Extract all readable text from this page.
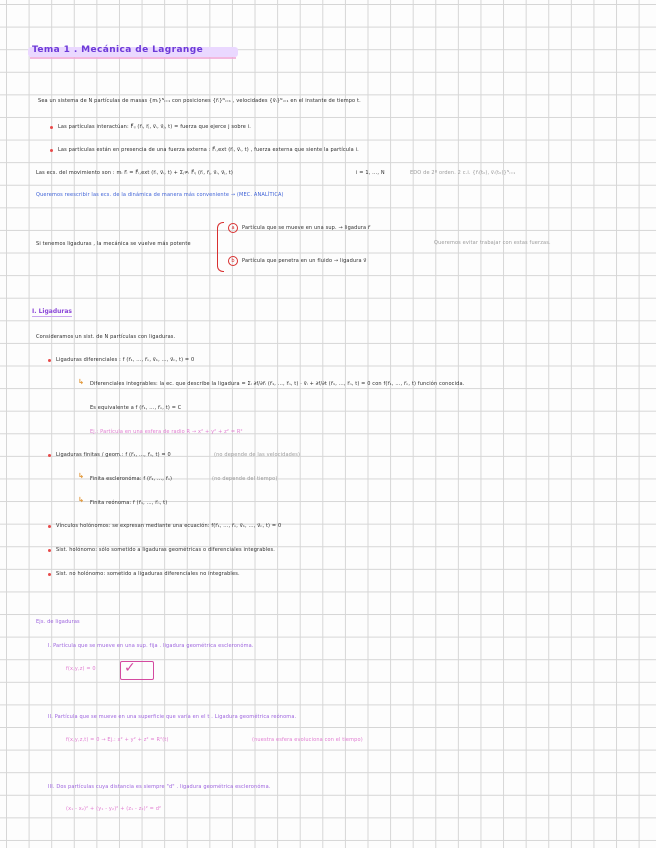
Tema 1 . Mecánica de Lagrange
Sea un sistema de N partículas de masas {mᵢ}ᴺᵢ₌₁ con posiciones {r⃗ᵢ}ᴺᵢ₌₁ , velocidades {v⃗ᵢ}ᴺᵢ₌₁ en el instante de tiempo t.
Las partículas interactúan: F⃗ᵢⱼ (r⃗ᵢ, r⃗ⱼ, v⃗ᵢ, v⃗ⱼ, t) = fuerza que ejerce j sobre i.
Las partículas están en presencia de una fuerza externa : F⃗ᵢ,ext (r⃗ᵢ, v⃗ᵢ, t) , fuerza externa que siente la partícula i.
Las ecs. del movimiento son : mᵢ r⃗̈ᵢ = F⃗ᵢ,ext (r⃗ᵢ, v⃗ᵢ, t) + Σⱼ≠ᵢ F⃗ᵢⱼ (r⃗ᵢ, r⃗ⱼ, v⃗ᵢ, v⃗ⱼ, t)	i = 1, ..., N	EDO de 2º orden. 2 c.i. {r⃗ᵢ(t₀), v⃗ᵢ(t₀)}ᴺᵢ₌₁
Queremos reescribir las ecs. de la dinámica de manera más conveniente → (MEC. ANALÍTICA)
Si tenemos ligaduras , la mecánica se vuelve más potente
a	Partícula que se mueve en una sup. → ligadura r⃗
b	Partícula que penetra en un fluido → ligadura v⃗
Queremos evitar trabajar con estas fuerzas.
I. Ligaduras
Consideramos un sist. de N partículas con ligaduras.
Ligaduras diferenciales : f (r⃗₁, ..., r⃗ₙ, v⃗₁, ..., v⃗ₙ, t) = 0
↳ Diferenciales integrables: la ec. que describe la ligadura = Σᵢ ∂f/∂r⃗ᵢ (r⃗₁, ..., r⃗ₙ, t) · v⃗ᵢ + ∂f/∂t (r⃗₁, ..., r⃗ₙ, t) = 0 con f(r⃗₁, ..., r⃗ₙ, t) función conocida.
Es equivalente a f (r⃗₁, ..., r⃗ₙ, t) = C
Ej.: Partícula en una esfera de radio R → x² + y² + z² = R²
Ligaduras finitas / geom.: f (r⃗₁, ..., r⃗ₙ, t) = 0	(no depende de las velocidades)
↳ Finita escleronóma: f (r⃗₁, ..., r⃗ₙ)	(no depende del tiempo)
↳ Finita reónoma: f (r⃗₁, ..., r⃗ₙ, t)
Vínculos holónomos: se expresan mediante una ecuación: f(r⃗₁, ..., r⃗ₙ, v⃗₁, ..., v⃗ₙ, t) = 0
Sist. holónomo: sólo sometido a ligaduras geométricas o diferenciales integrables.
Sist. no holónomo: sometido a ligaduras diferenciales no integrables.
Ejs. de ligaduras
I. Partícula que se mueve en una sup. fija . ligadura geométrica escleronóma.
f(x,y,z) = 0 ✓
II. Partícula que se mueve en una superficie que varía en el t . Ligadura geométrica reónoma.
f(x,y,z,t) = 0 → Ej.: x² + y² + z² = R²(t)	(nuestra esfera evoluciona con el tiempo)
III. Dos partículas cuya distancia es siempre "d" . ligadura geométrica escleronóma.
(x₁ - x₂)² + (y₁ - y₂)² + (z₁ - z₂)² = d²
